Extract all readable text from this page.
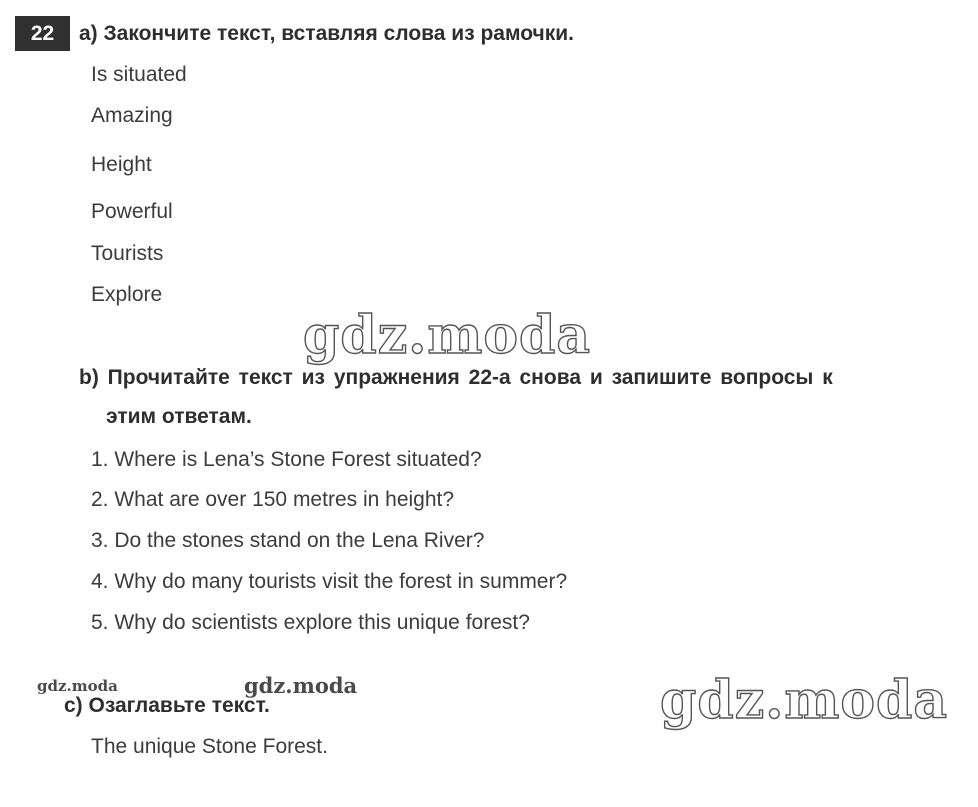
22	а) Закончите текст, вставляя слова из рамочки.
Is situated
Amazing
Height
Powerful
Tourists
Explore
gdz.moda
b) Прочитайте текст из упражнения 22-а снова и запишите вопросы к
этим ответам.
1. Where is Lena’s Stone Forest situated?
2. What are over 150 metres in height?
3. Do the stones stand on the Lena River?
4. Why do many tourists visit the forest in summer?
5. Why do scientists explore this unique forest?
gdz.moda	gdz.moda	gdz.moda
с) Озаглавьте текст.
The unique Stone Forest.
